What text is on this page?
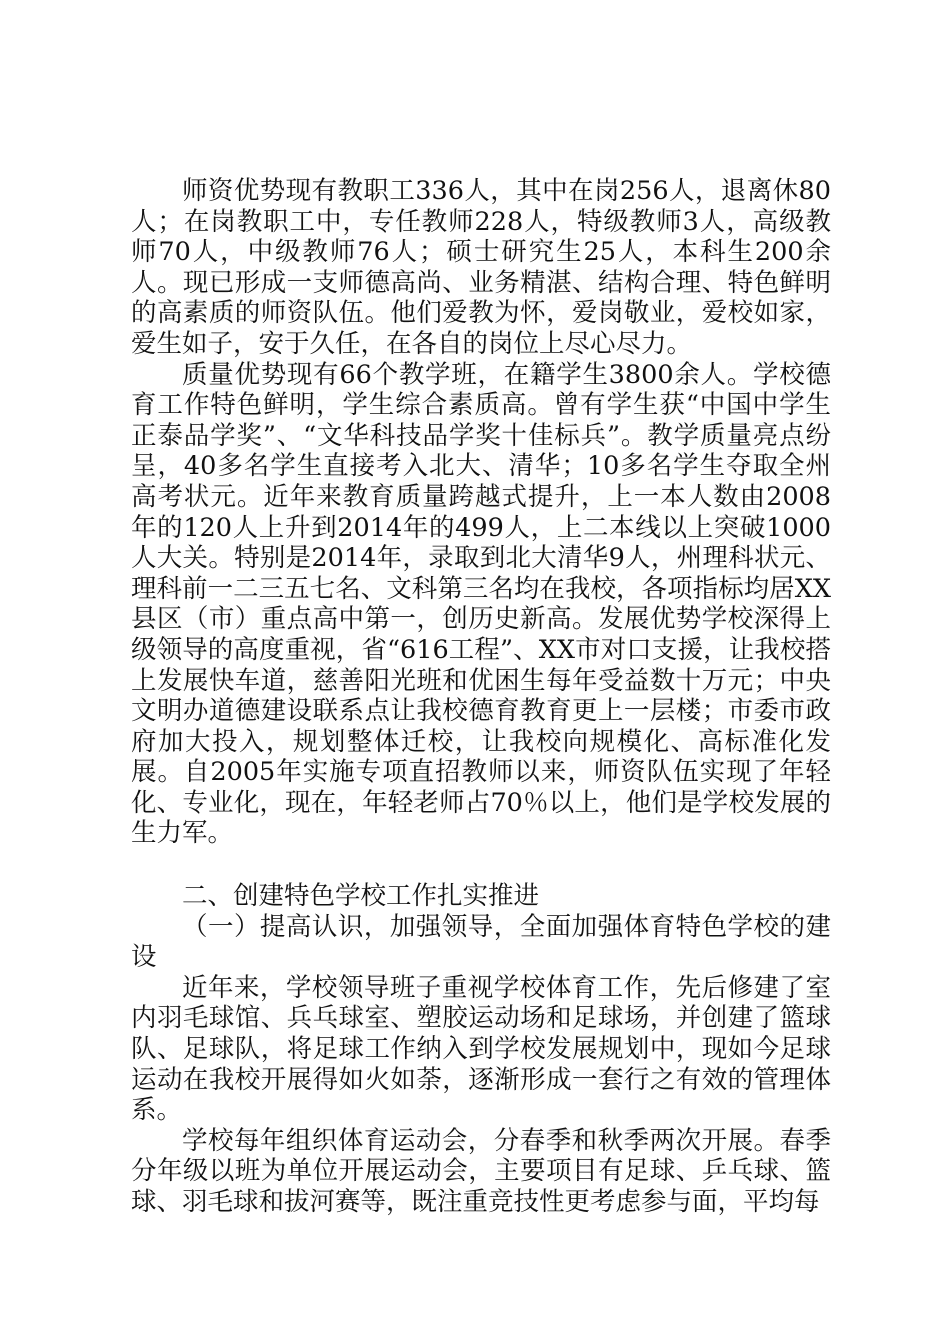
师资优势现有教职工336人，其中在岗256人，退离休80人；在岗教职工中，专任教师228人，特级教师3人，高级教师70人，中级教师76人；硕士研究生25人，本科生200余人。现已形成一支师德高尚、业务精湛、结构合理、特色鲜明的高素质的师资队伍。他们爱教为怀，爱岗敬业，爱校如家，爱生如子，安于久任，在各自的岗位上尽心尽力。

质量优势现有66个教学班，在籍学生3800余人。学校德育工作特色鲜明，学生综合素质高。曾有学生获“中国中学生正泰品学奖”、“文华科技品学奖十佳标兵”。教学质量亮点纷呈，40多名学生直接考入北大、清华；10多名学生夺取全州高考状元。近年来教育质量跨越式提升，上一本人数由2008年的120人上升到2014年的499人，上二本线以上突破1000人大关。特别是2014年，录取到北大清华9人，州理科状元、理科前一二三五七名、文科第三名均在我校，各项指标均居XX县区（市）重点高中第一，创历史新高。发展优势学校深得上级领导的高度重视，省“616工程”、XX市对口支援，让我校搭上发展快车道，慈善阳光班和优困生每年受益数十万元；中央文明办道德建设联系点让我校德育教育更上一层楼；市委市政府加大投入，规划整体迁校，让我校向规模化、高标准化发展。自2005年实施专项直招教师以来，师资队伍实现了年轻化、专业化，现在，年轻老师占70％以上，他们是学校发展的生力军。

二、创建特色学校工作扎实推进

（一）提高认识，加强领导，全面加强体育特色学校的建设

近年来，学校领导班子重视学校体育工作，先后修建了室内羽毛球馆、兵乓球室、塑胶运动场和足球场，并创建了篮球队、足球队，将足球工作纳入到学校发展规划中，现如今足球运动在我校开展得如火如荼，逐渐形成一套行之有效的管理体系。

学校每年组织体育运动会，分春季和秋季两次开展。春季分年级以班为单位开展运动会，主要项目有足球、乒乓球、篮球、羽毛球和拔河赛等，既注重竞技性更考虑参与面，平均每
